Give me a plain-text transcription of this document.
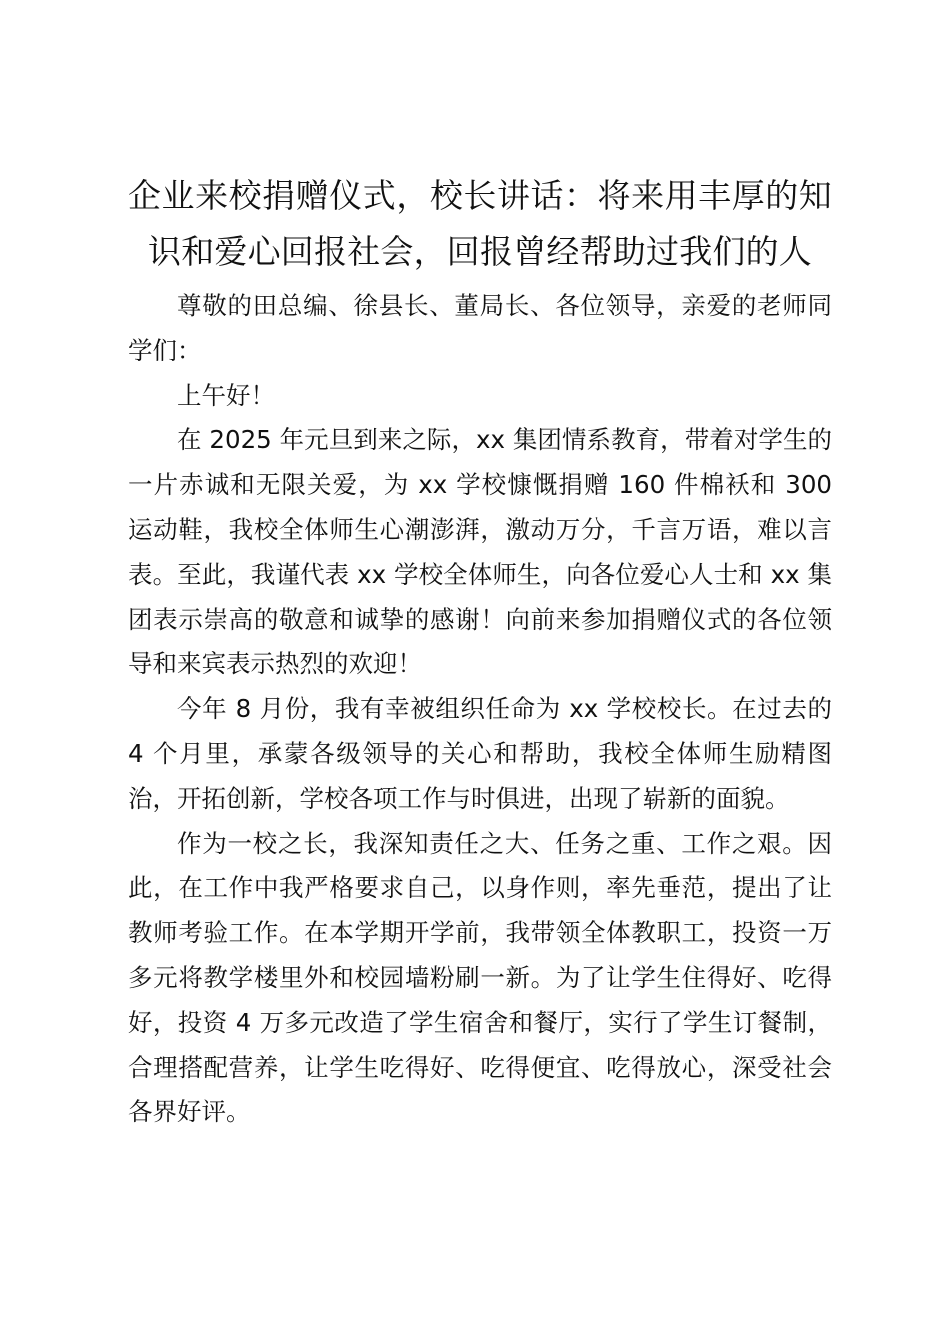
企业来校捐赠仪式，校长讲话：将来用丰厚的知识和爱心回报社会，回报曾经帮助过我们的人

尊敬的田总编、徐县长、董局长、各位领导，亲爱的老师同学们：

上午好！

在 2025 年元旦到来之际，xx 集团情系教育，带着对学生的一片赤诚和无限关爱，为 xx 学校慷慨捐赠 160 件棉袄和 300 运动鞋，我校全体师生心潮澎湃，激动万分，千言万语，难以言表。至此，我谨代表 xx 学校全体师生，向各位爱心人士和 xx 集团表示崇高的敬意和诚挚的感谢！向前来参加捐赠仪式的各位领导和来宾表示热烈的欢迎！

今年 8 月份，我有幸被组织任命为 xx 学校校长。在过去的 4 个月里，承蒙各级领导的关心和帮助，我校全体师生励精图治，开拓创新，学校各项工作与时俱进，出现了崭新的面貌。

作为一校之长，我深知责任之大、任务之重、工作之艰。因此，在工作中我严格要求自己，以身作则，率先垂范，提出了让教师考验工作。在本学期开学前，我带领全体教职工，投资一万多元将教学楼里外和校园墙粉刷一新。为了让学生住得好、吃得好，投资 4 万多元改造了学生宿舍和餐厅，实行了学生订餐制，合理搭配营养，让学生吃得好、吃得便宜、吃得放心，深受社会各界好评。
